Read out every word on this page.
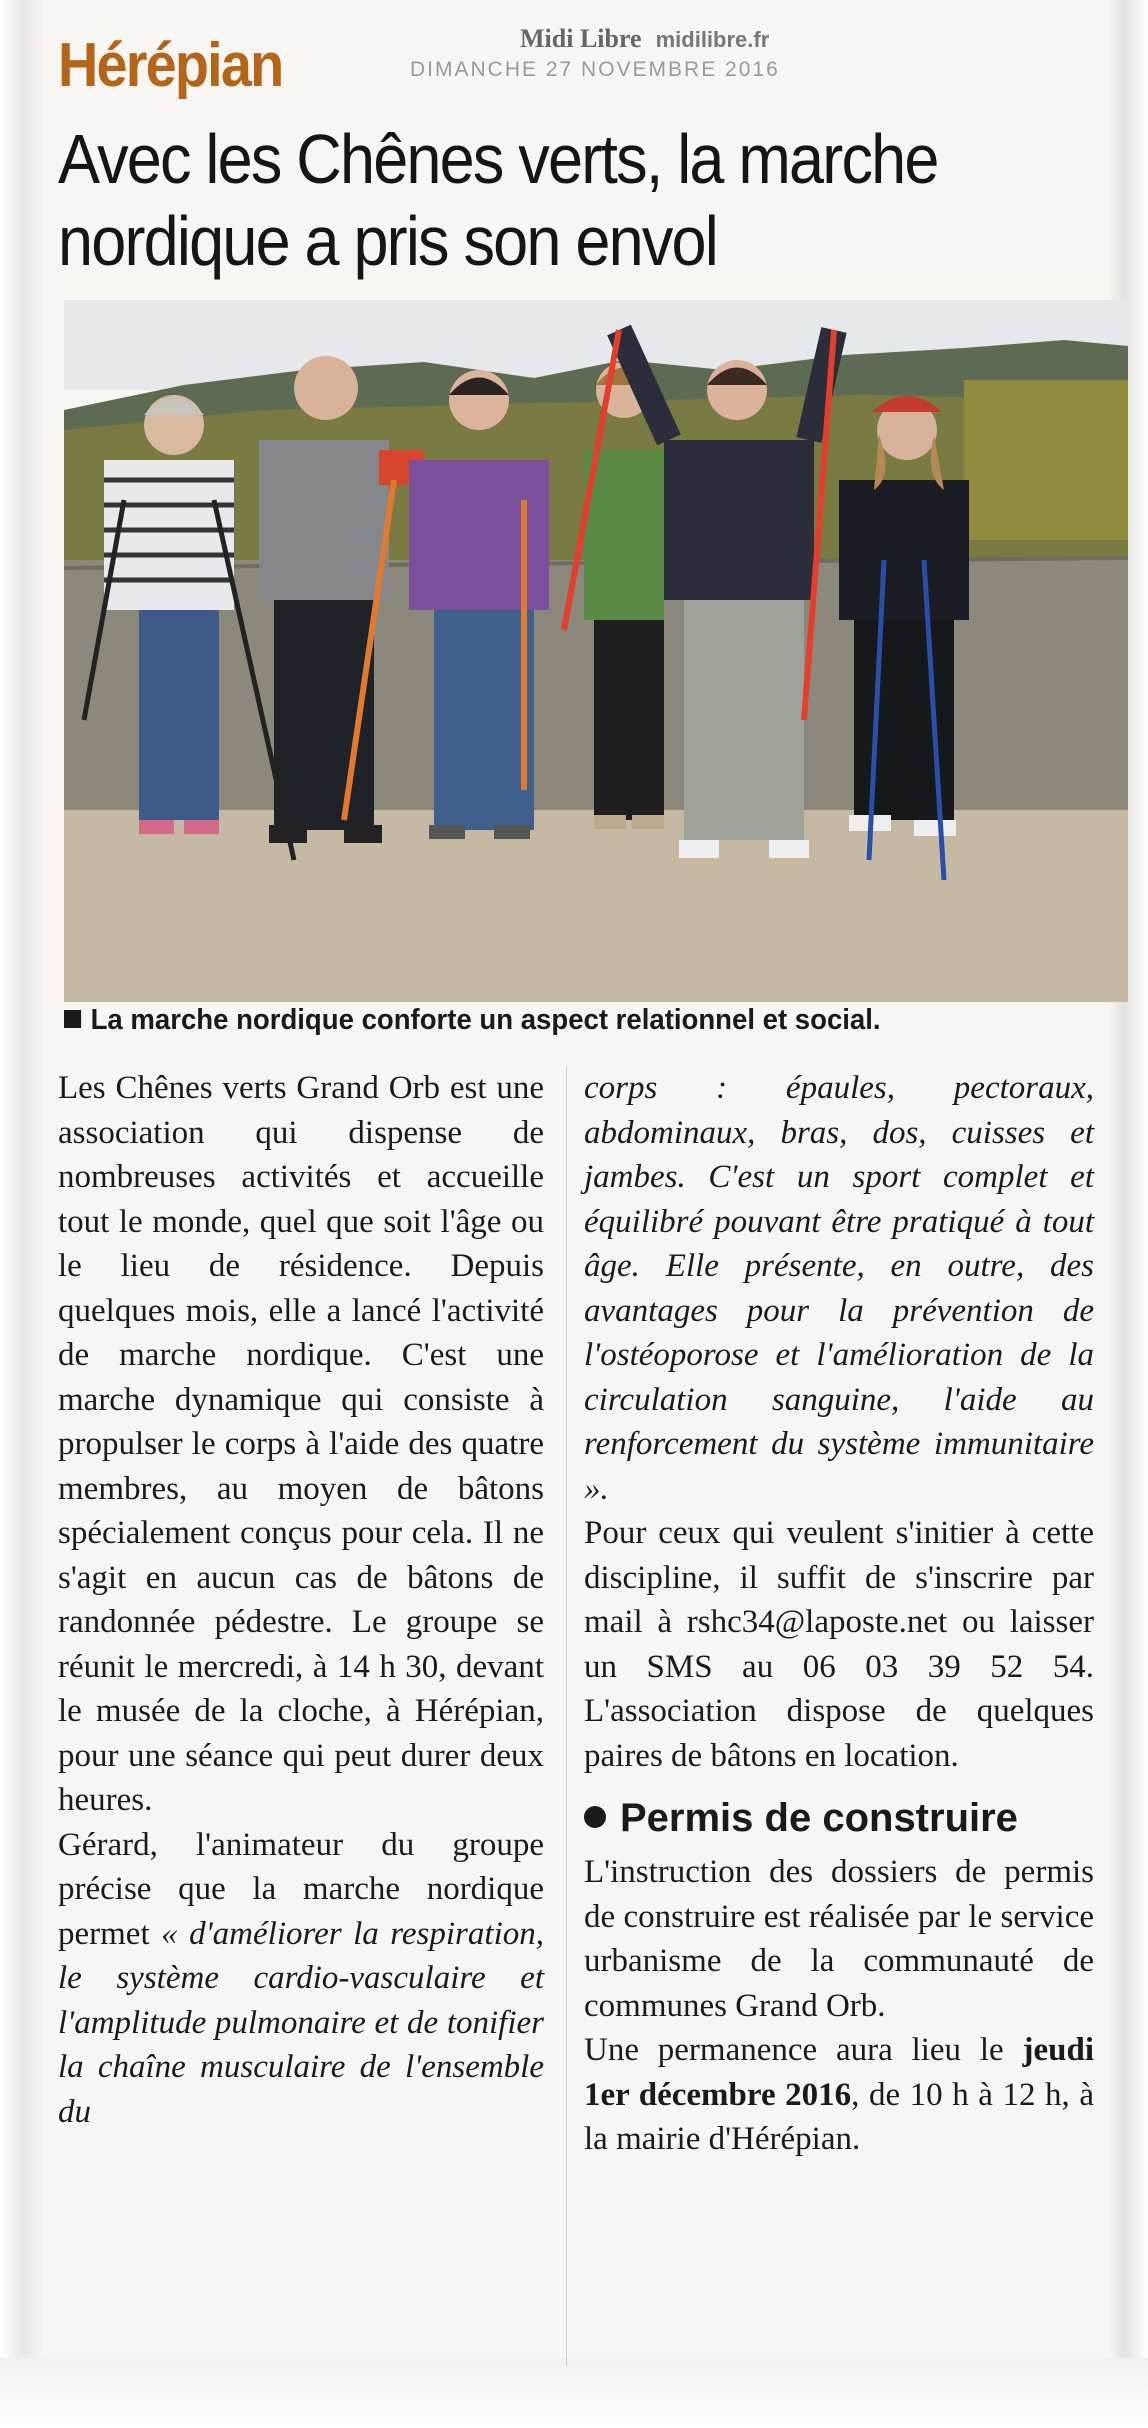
Hérépian	Midi Libre midilibre.fr
DIMANCHE 27 NOVEMBRE 2016
Avec les Chênes verts, la marche nordique a pris son envol
La marche nordique conforte un aspect relationnel et social.

Les Chênes verts Grand Orb est une association qui dispense de nombreuses activités et accueille tout le monde, quel que soit l'âge ou le lieu de résidence. Depuis quelques mois, elle a lancé l'activité de marche nordique. C'est une marche dynamique qui consiste à propulser le corps à l'aide des quatre membres, au moyen de bâtons spécialement conçus pour cela. Il ne s'agit en aucun cas de bâtons de randonnée pédestre. Le groupe se réunit le mercredi, à 14 h 30, devant le musée de la cloche, à Hérépian, pour une séance qui peut durer deux heures.

Gérard, l'animateur du groupe précise que la marche nordique permet « d'améliorer la respiration, le système cardio-vasculaire et l'amplitude pulmonaire et de tonifier la chaîne musculaire de l'ensemble du

corps : épaules, pectoraux, abdominaux, bras, dos, cuisses et jambes. C'est un sport complet et équilibré pouvant être pratiqué à tout âge. Elle présente, en outre, des avantages pour la prévention de l'ostéoporose et l'amélioration de la circulation sanguine, l'aide au renforcement du système immunitaire ».

Pour ceux qui veulent s'initier à cette discipline, il suffit de s'inscrire par mail à rshc34@laposte.net ou laisser un SMS au 06 03 39 52 54. L'association dispose de quelques paires de bâtons en location.

Permis de construire

L'instruction des dossiers de permis de construire est réalisée par le service urbanisme de la communauté de communes Grand Orb.

Une permanence aura lieu le jeudi 1er décembre 2016, de 10 h à 12 h, à la mairie d'Hérépian.
